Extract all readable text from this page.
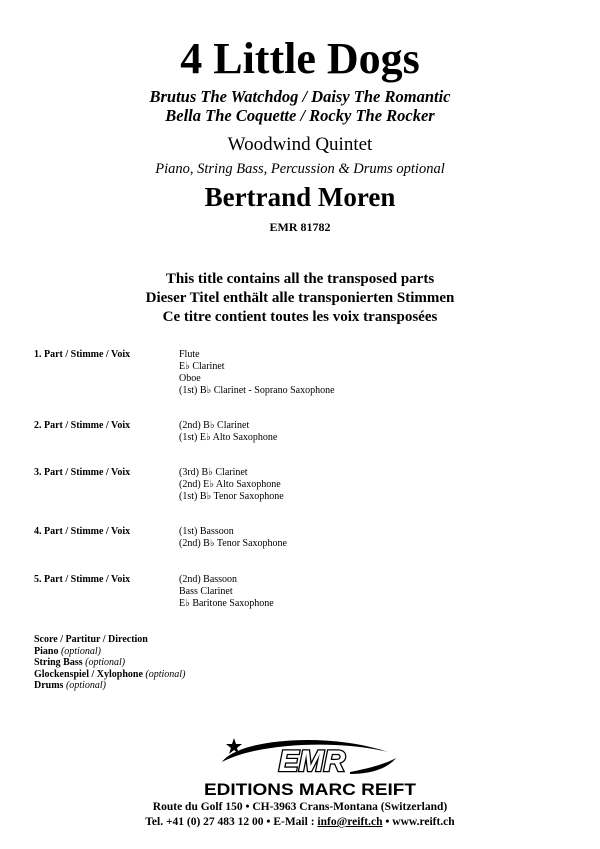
4 Little Dogs
Brutus The Watchdog / Daisy The Romantic
Bella The Coquette / Rocky The Rocker
Woodwind Quintet
Piano, String Bass, Percussion & Drums optional
Bertrand Moren
EMR 81782
This title contains all the transposed parts
Dieser Titel enthält alle transponierten Stimmen
Ce titre contient toutes les voix transposées
1. Part / Stimme / Voix	Flute
E♭ Clarinet
Oboe
(1st) B♭ Clarinet - Soprano Saxophone
2. Part / Stimme / Voix	(2nd) B♭ Clarinet
(1st) E♭ Alto Saxophone
3. Part / Stimme / Voix	(3rd) B♭ Clarinet
(2nd) E♭ Alto Saxophone
(1st) B♭ Tenor Saxophone
4. Part / Stimme / Voix	(1st) Bassoon
(2nd) B♭ Tenor Saxophone
5. Part / Stimme / Voix	(2nd) Bassoon
Bass Clarinet
E♭ Baritone Saxophone
Score / Partitur / Direction
Piano (optional)
String Bass (optional)
Glockenspiel / Xylophone (optional)
Drums (optional)
EMR
EDITIONS MARC REIFT
Route du Golf 150 • CH-3963 Crans-Montana (Switzerland)
Tel. +41 (0) 27 483 12 00 • E-Mail : info@reift.ch • www.reift.ch
